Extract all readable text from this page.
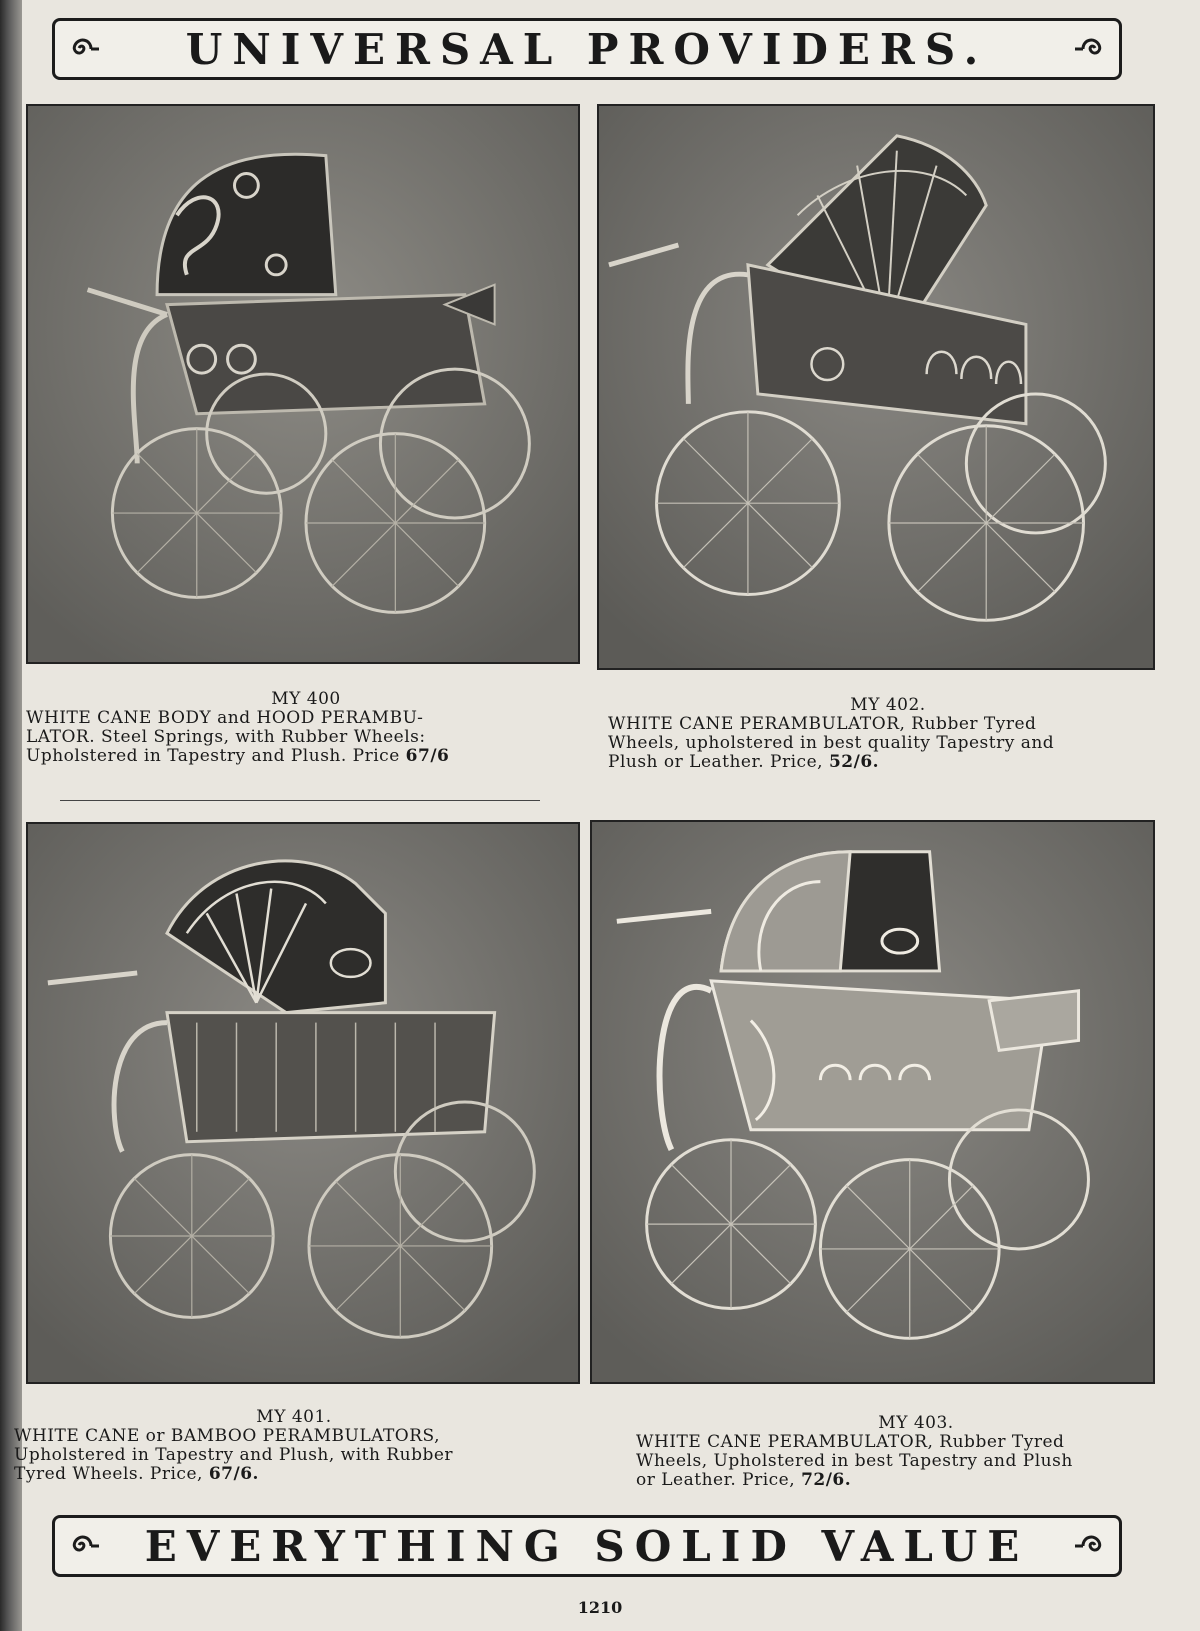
UNIVERSAL PROVIDERS.
MY 400
WHITE CANE BODY and HOOD PERAMBU-
LATOR. Steel Springs, with Rubber Wheels:
Upholstered in Tapestry and Plush. Price 67/6
MY 402.
WHITE CANE PERAMBULATOR, Rubber Tyred
Wheels, upholstered in best quality Tapestry and
Plush or Leather. Price, 52/6.
MY 401.
WHITE CANE or BAMBOO PERAMBULATORS,
Upholstered in Tapestry and Plush, with Rubber
Tyred Wheels. Price, 67/6.
MY 403.
WHITE CANE PERAMBULATOR, Rubber Tyred
Wheels, Upholstered in best Tapestry and Plush
or Leather. Price, 72/6.
EVERYTHING SOLID VALUE
1210
